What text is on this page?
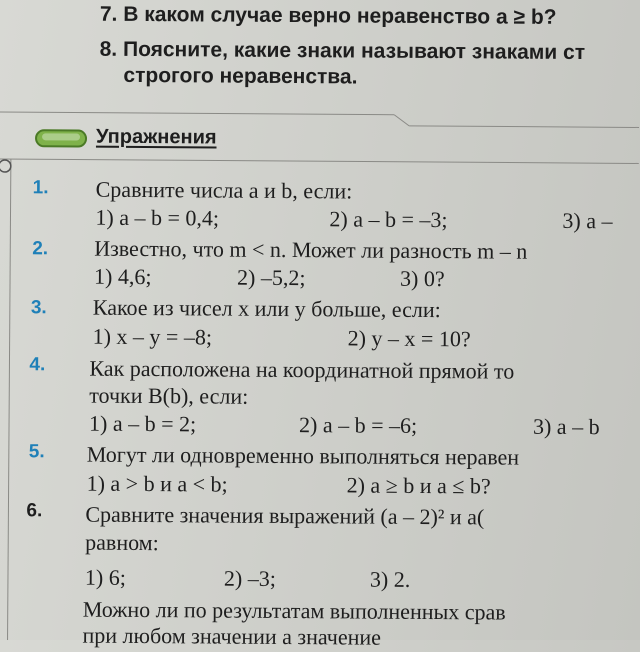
7. В каком случае верно неравенство a ≥ b?
8. Поясните, какие знаки называют знаками ст
строгого неравенства.
Упражнения
1. Сравните числа a и b, если:
1) a – b = 0,4;	2) a – b = –3;	3) a –
2. Известно, что m < n. Может ли разность m – n
1) 4,6;	2) –5,2;	3) 0?
3. Какое из чисел x или y больше, если:
1) x – y = –8;	2) y – x = 10?
4. Как расположена на координатной прямой то
точки B(b), если:
1) a – b = 2;	2) a – b = –6;	3) a – b
5. Могут ли одновременно выполняться неравен
1) a > b и a < b;	2) a ≥ b и a ≤ b?
6. Сравните значения выражений (a – 2)² и a(
равном:
1) 6;	2) –3;	3) 2.
Можно ли по результатам выполненных срав
при любом значении a значение
